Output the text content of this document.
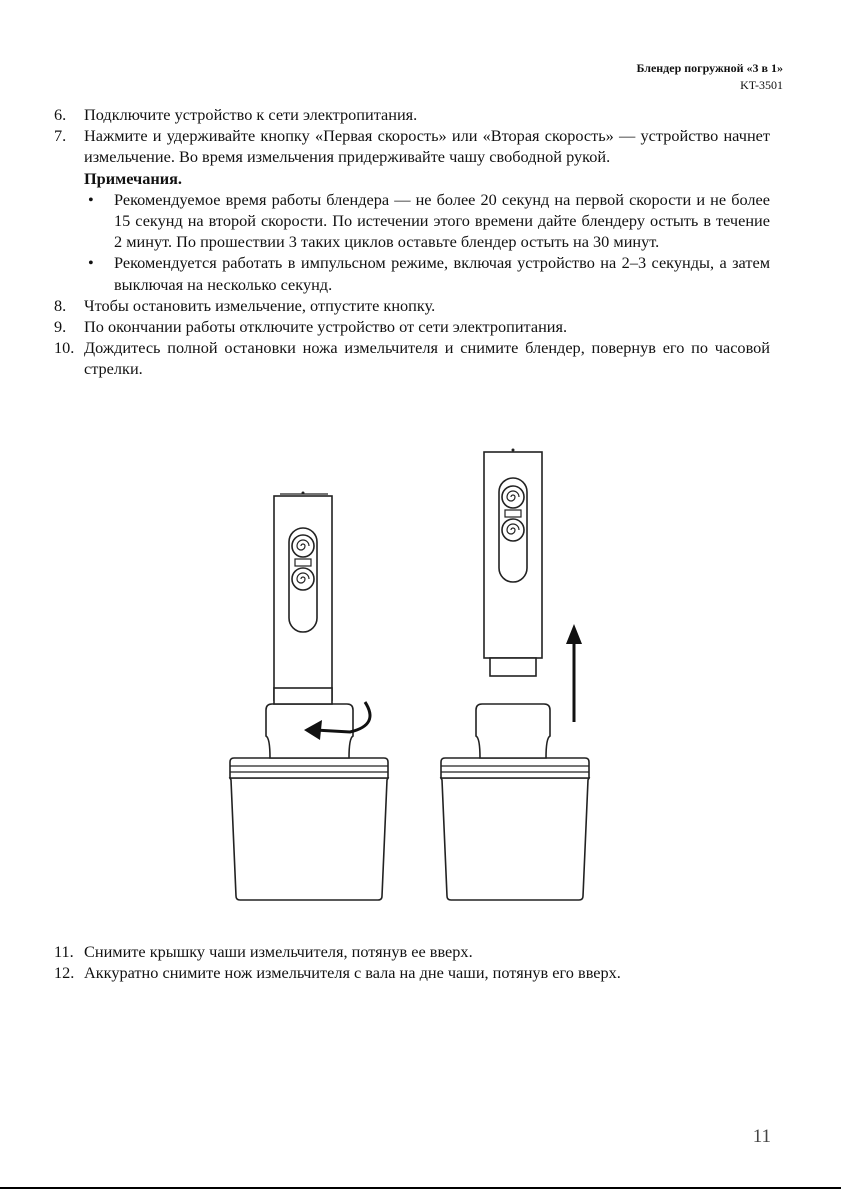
Блендер погружной «3 в 1»
KT-3501
6.	Подключите устройство к сети электропитания.
7.	Нажмите и удерживайте кнопку «Первая скорость» или «Вторая скорость» — устройство начнет измельчение. Во время измельчения придерживайте чашу свободной рукой.
Примечания.
•	Рекомендуемое время работы блендера — не более 20 секунд на первой скорости и не более 15 секунд на второй скорости. По истечении этого времени дайте блендеру остыть в течение 2 минут. По прошествии 3 таких циклов оставьте блендер остыть на 30 минут.
•	Рекомендуется работать в импульсном режиме, включая устройство на 2–3 секунды, а затем выключая на несколько секунд.
8.	Чтобы остановить измельчение, отпустите кнопку.
9.	По окончании работы отключите устройство от сети электропитания.
10. Дождитесь полной остановки ножа измельчителя и снимите блендер, повернув его по часовой стрелки.
11. Снимите крышку чаши измельчителя, потянув ее вверх.
12. Аккуратно снимите нож измельчителя с вала на дне чаши, потянув его вверх.
11
